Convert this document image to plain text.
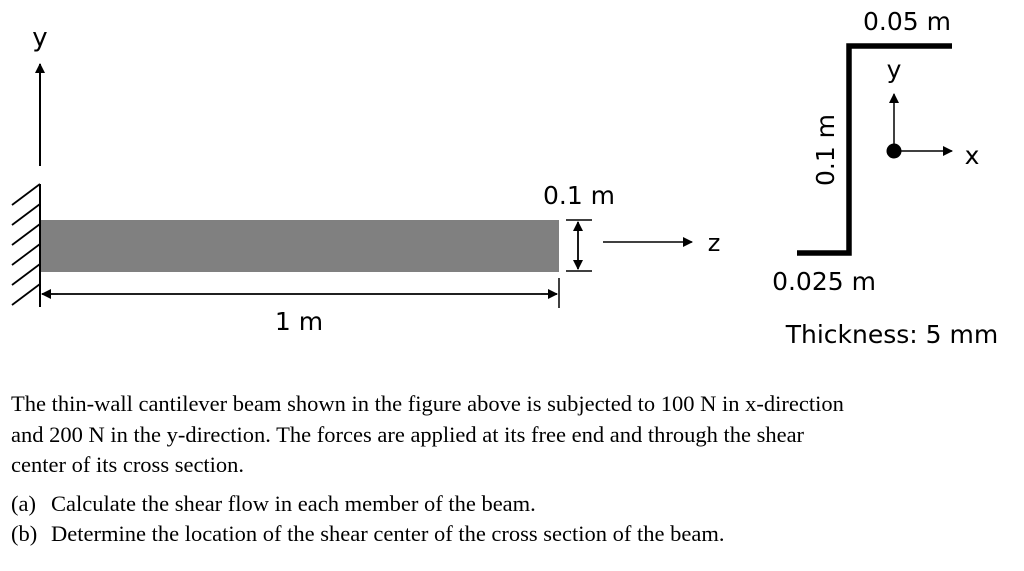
y
0.1 m
z
1 m
0.05 m
0.1 m
y
x
0.025 m
Thickness: 5 mm
The thin-wall cantilever beam shown in the figure above is subjected to 100 N in x-direction
and 200 N in the y-direction. The forces are applied at its free end and through the shear
center of its cross section.
(a) Calculate the shear flow in each member of the beam.
(b) Determine the location of the shear center of the cross section of the beam.
